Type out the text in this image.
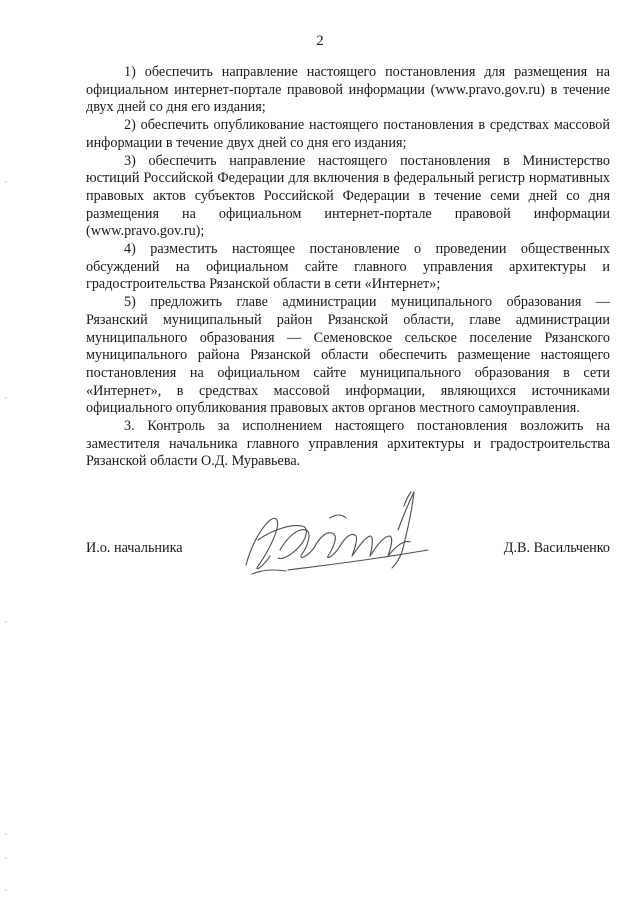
2

1) обеспечить направление настоящего постановления для размещения на официальном интернет-портале правовой информации (www.pravo.gov.ru) в течение двух дней со дня его издания;

2) обеспечить опубликование настоящего постановления в средствах массовой информации в течение двух дней со дня его издания;

3) обеспечить направление настоящего постановления в Министерство юстиций Российской Федерации для включения в федеральный регистр нормативных правовых актов субъектов Российской Федерации в течение семи дней со дня размещения на официальном интернет-портале правовой информации (www.pravo.gov.ru);

4) разместить настоящее постановление о проведении общественных обсуждений на официальном сайте главного управления архитектуры и градостроительства Рязанской области в сети «Интернет»;

5) предложить главе администрации муниципального образования — Рязанский муниципальный район Рязанской области, главе администрации муниципального образования — Семеновское сельское поселение Рязанского муниципального района Рязанской области обеспечить размещение настоящего постановления на официальном сайте муниципального образования в сети «Интернет», в средствах массовой информации, являющихся источниками официального опубликования правовых актов органов местного самоуправления.

3. Контроль за исполнением настоящего постановления возложить на заместителя начальника главного управления архитектуры и градостроительства Рязанской области О.Д. Муравьева.

И.о. начальника	Д.В. Васильченко
